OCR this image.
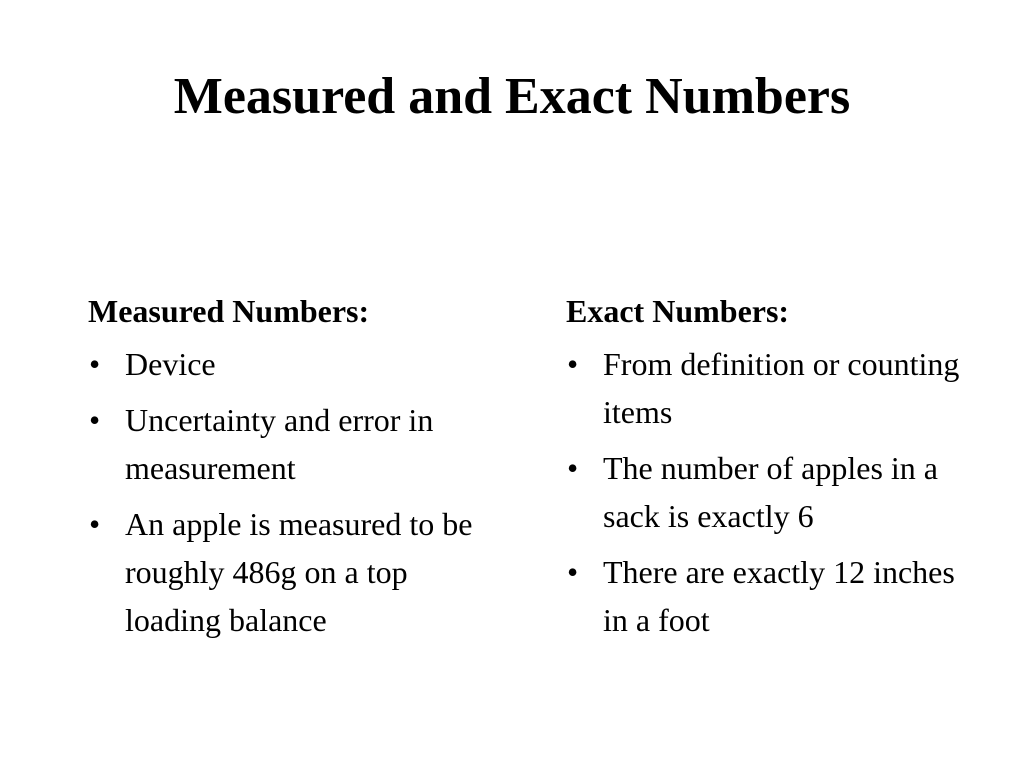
Measured and Exact Numbers
Measured Numbers:
• Device
• Uncertainty and error in measurement
• An apple is measured to be roughly 486g on a top loading balance
Exact Numbers:
• From definition or counting items
• The number of apples in a sack is exactly 6
• There are exactly 12 inches in a foot
